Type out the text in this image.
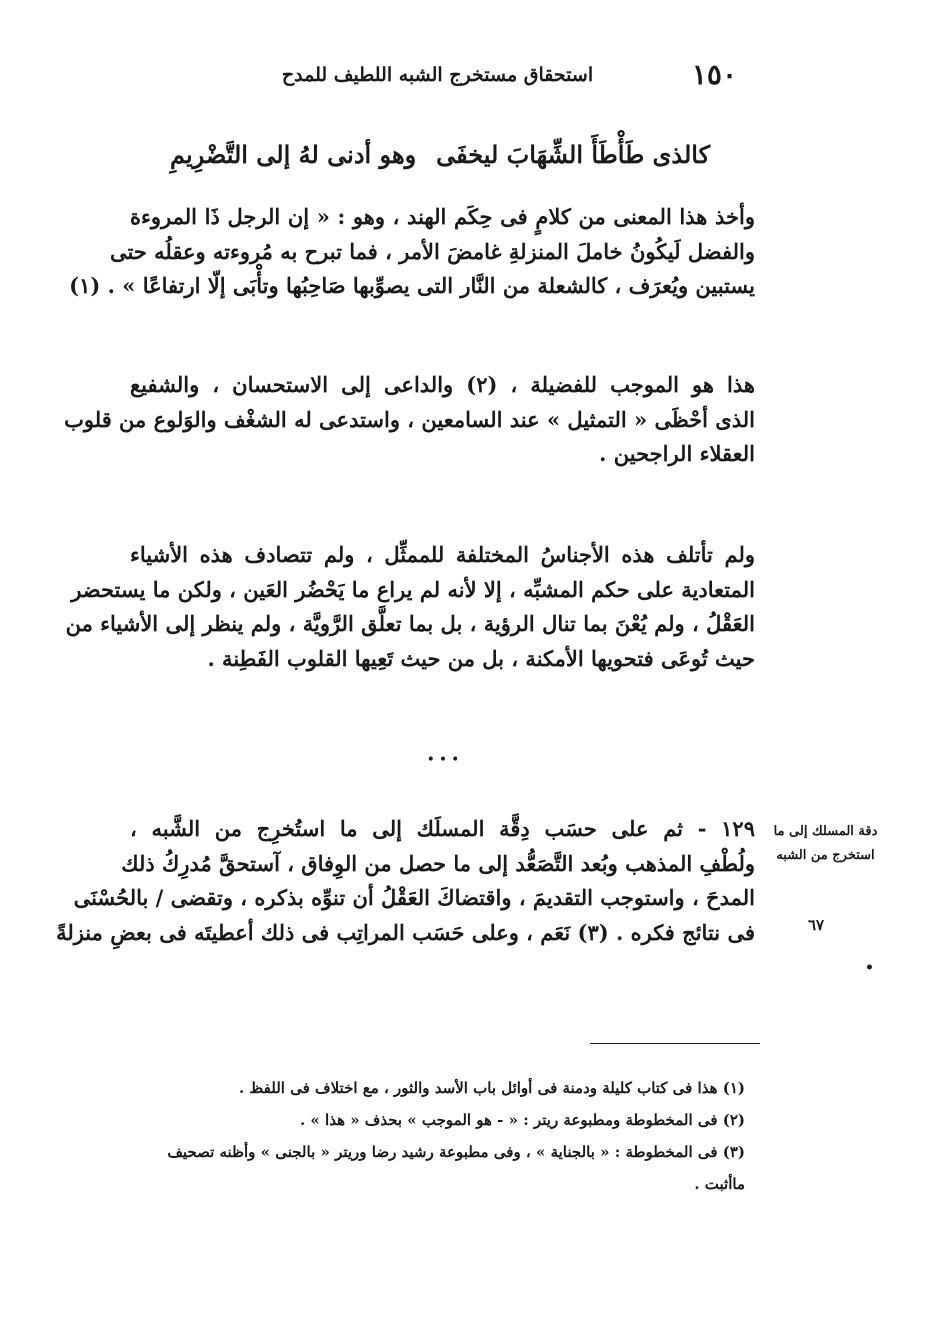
١٥٠
استحقاق مستخرج الشبه اللطيف للمدح
كالذى طَأْطَأَ الشِّهَابَ ليخفَى
وهو أدنى لهُ إلى التَّضْرِيمِ
وأخذ هذا المعنى من كلامٍ فى حِكَم الهند ، وهو : « إن الرجل ذَا المروءة
والفضل لَيكُونُ خاملَ المنزلةِ غامضَ الأمر ، فما تبرح به مُروءته وعقلُه حتى
يستبين ويُعرَف ، كالشعلة من النَّار التى يصوِّبها صَاحِبُها وتأْبَى إلّا ارتفاعًا » . (١)
هذا هو الموجب للفضيلة ، (٢) والداعى إلى الاستحسان ، والشفيع
الذى أحْظَى « التمثيل » عند السامعين ، واستدعى له الشغْف والوَلوع من قلوب
العقلاء الراجحين .
ولم تأتلف هذه الأجناسُ المختلفة للممثِّل ، ولم تتصادف هذه الأشياء
المتعادية على حكم المشبِّه ، إلا لأنه لم يراع ما يَحْضُر العَين ، ولكن ما يستحضر
العَقْلُ ، ولم يُعْنَ بما تنال الرؤية ، بل بما تعلَّق الرَّويَّة ، ولم ينظر إلى الأشياء من
حيث تُوعَى فتحويها الأمكنة ، بل من حيث تَعِيها القلوب الفَطِنة .
•••
١٢٩ - ثم على حسَب دِقَّة المسلَك إلى ما استُخرِج من الشَّبه ،
ولُطْفِ المذهب وبُعد التَّصَعُّد إلى ما حصل من الوِفاق ، آستحقَّ مُدرِكُ ذلك
المدحَ ، واستوجب التقديمَ ، واقتضاكَ العَقْلُ أن تنوِّه بذكره ، وتقضى / بالحُسْنَى
فى نتائج فكره . (٣) نَعَم ، وعلى حَسَب المراتِب فى ذلك أعطيتَه فى بعضِ منزلةً
دقة المسلك إلى ما
استخرج من الشبه
٦٧
•
(١) هذا فى كتاب كليلة ودمنة فى أوائل باب الأسد والثور ، مع اختلاف فى اللفظ .
(٢) فى المخطوطة ومطبوعة ريتر : « - هو الموجب » بحذف « هذا » .
(٣) فى المخطوطة : « بالجناية » ، وفى مطبوعة رشيد رضا وريتر « بالجنى » وأظنه تصحيف
ماأثبت .
